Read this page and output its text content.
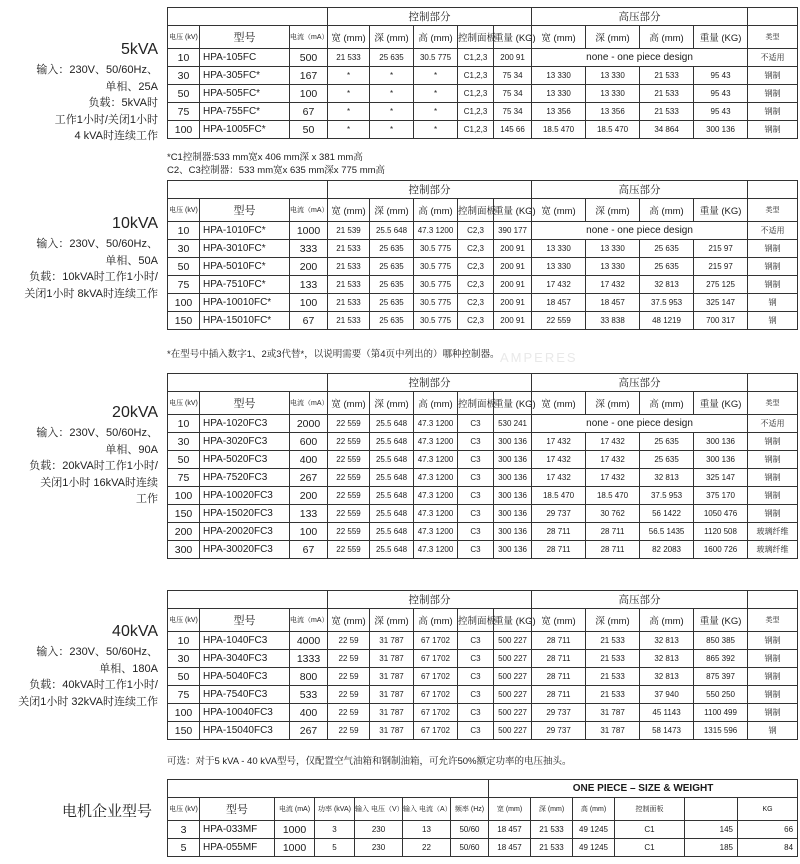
AMPERES
5kVA
输入：230V、50/60Hz、
单相、25A
负载：5kVA时
工作1小时/关闭1小时
4 kVA时连续工作
10kVA
输入：230V、50/60Hz、
单相、50A
负载：10kVA时工作1小时/
关闭1小时 8kVA时连续工作
20kVA
输入：230V、50/60Hz、
单相、90A
负载：20kVA时工作1小时/
关闭1小时 16kVA时连续
工作
40kVA
输入：230V、50/60Hz、
单相、180A
负载：40kVA时工作1小时/
关闭1小时 32kVA时连续工作
			控制部分					高压部分				
电压 (kV)	型号	电流（mA）	宽 (mm)	深 (mm)	高 (mm)	控制面板	重量 (KG)	宽 (mm)	深 (mm)	高 (mm)	重量 (KG)	类型
10	HPA-105FC	500	21 533	25 635	30.5 775	C1,2,3	200 91	none - one piece design				不适用
30	HPA-305FC*	167	*	*	*	C1,2,3	75 34	13 330	13 330	21 533	95 43	钢制
50	HPA-505FC*	100	*	*	*	C1,2,3	75 34	13 330	13 330	21 533	95 43	钢制
75	HPA-755FC*	67	*	*	*	C1,2,3	75 34	13 356	13 356	21 533	95 43	钢制
100	HPA-1005FC*	50	*	*	*	C1,2,3	145 66	18.5 470	18.5 470	34 864	300 136	钢制
*C1控制器:533 mm宽x 406 mm深 x 381 mm高
C2、C3控制器：533 mm宽x 635 mm深x 775 mm高
			控制部分					高压部分				
电压 (kV)	型号	电流（mA）	宽 (mm)	深 (mm)	高 (mm)	控制面板	重量 (KG)	宽 (mm)	深 (mm)	高 (mm)	重量 (KG)	类型
10	HPA-1010FC*	1000	21 539	25.5 648	47.3 1200	C2,3	390 177	none - one piece design				不适用
30	HPA-3010FC*	333	21 533	25 635	30.5 775	C2,3	200 91	13 330	13 330	25 635	215 97	钢制
50	HPA-5010FC*	200	21 533	25 635	30.5 775	C2,3	200 91	13 330	13 330	25 635	215 97	钢制
75	HPA-7510FC*	133	21 533	25 635	30.5 775	C2,3	200 91	17 432	17 432	32 813	275 125	钢制
100	HPA-10010FC*	100	21 533	25 635	30.5 775	C2,3	200 91	18 457	18 457	37.5 953	325 147	钢
150	HPA-15010FC*	67	21 533	25 635	30.5 775	C2,3	200 91	22 559	33 838	48 1219	700 317	钢
*在型号中插入数字1、2或3代替*，以说明需要（第4页中列出的）哪种控制器。
			控制部分					高压部分				
电压 (kV)	型号	电流（mA）	宽 (mm)	深 (mm)	高 (mm)	控制面板	重量 (KG)	宽 (mm)	深 (mm)	高 (mm)	重量 (KG)	类型
10	HPA-1020FC3	2000	22 559	25.5 648	47.3 1200	C3	530 241	none - one piece design				不适用
30	HPA-3020FC3	600	22 559	25.5 648	47.3 1200	C3	300 136	17 432	17 432	25 635	300 136	钢制
50	HPA-5020FC3	400	22 559	25.5 648	47.3 1200	C3	300 136	17 432	17 432	25 635	300 136	钢制
75	HPA-7520FC3	267	22 559	25.5 648	47.3 1200	C3	300 136	17 432	17 432	32 813	325 147	钢制
100	HPA-10020FC3	200	22 559	25.5 648	47.3 1200	C3	300 136	18.5 470	18.5 470	37.5 953	375 170	钢制
150	HPA-15020FC3	133	22 559	25.5 648	47.3 1200	C3	300 136	29 737	30 762	56 1422	1050 476	钢制
200	HPA-20020FC3	100	22 559	25.5 648	47.3 1200	C3	300 136	28 711	28 711	56.5 1435	1120 508	玻璃纤维
300	HPA-30020FC3	67	22 559	25.5 648	47.3 1200	C3	300 136	28 711	28 711	82 2083	1600 726	玻璃纤维
			控制部分					高压部分				
电压 (kV)	型号	电流（mA）	宽 (mm)	深 (mm)	高 (mm)	控制面板	重量 (KG)	宽 (mm)	深 (mm)	高 (mm)	重量 (KG)	类型
10	HPA-1040FC3	4000	22 59	31 787	67 1702	C3	500 227	28 711	21 533	32 813	850 385	钢制
30	HPA-3040FC3	1333	22 59	31 787	67 1702	C3	500 227	28 711	21 533	32 813	865 392	钢制
50	HPA-5040FC3	800	22 59	31 787	67 1702	C3	500 227	28 711	21 533	32 813	875 397	钢制
75	HPA-7540FC3	533	22 59	31 787	67 1702	C3	500 227	28 711	21 533	37 940	550 250	钢制
100	HPA-10040FC3	400	22 59	31 787	67 1702	C3	500 227	29 737	31 787	45 1143	1100 499	钢制
150	HPA-15040FC3	267	22 59	31 787	67 1702	C3	500 227	29 737	31 787	58 1473	1315 596	钢
可选：对于5 kVA - 40 kVA型号，仅配置空气油箱和钢制油箱，可允许50%额定功率的电压抽头。
电机企业型号
							ONE PIECE – SIZE & WEIGHT					
电压 (kV)	型号	电流 (mA)	功率 (kVA)	输入 电压（V）	输入 电流（A）	频率 (Hz)	宽 (mm)	深 (mm)	高 (mm)	控制面板		KG
3	HPA-033MF	1000	3	230	13	50/60	18 457	21 533	49 1245	C1	145	66
5	HPA-055MF	1000	5	230	22	50/60	18 457	21 533	49 1245	C1	185	84
